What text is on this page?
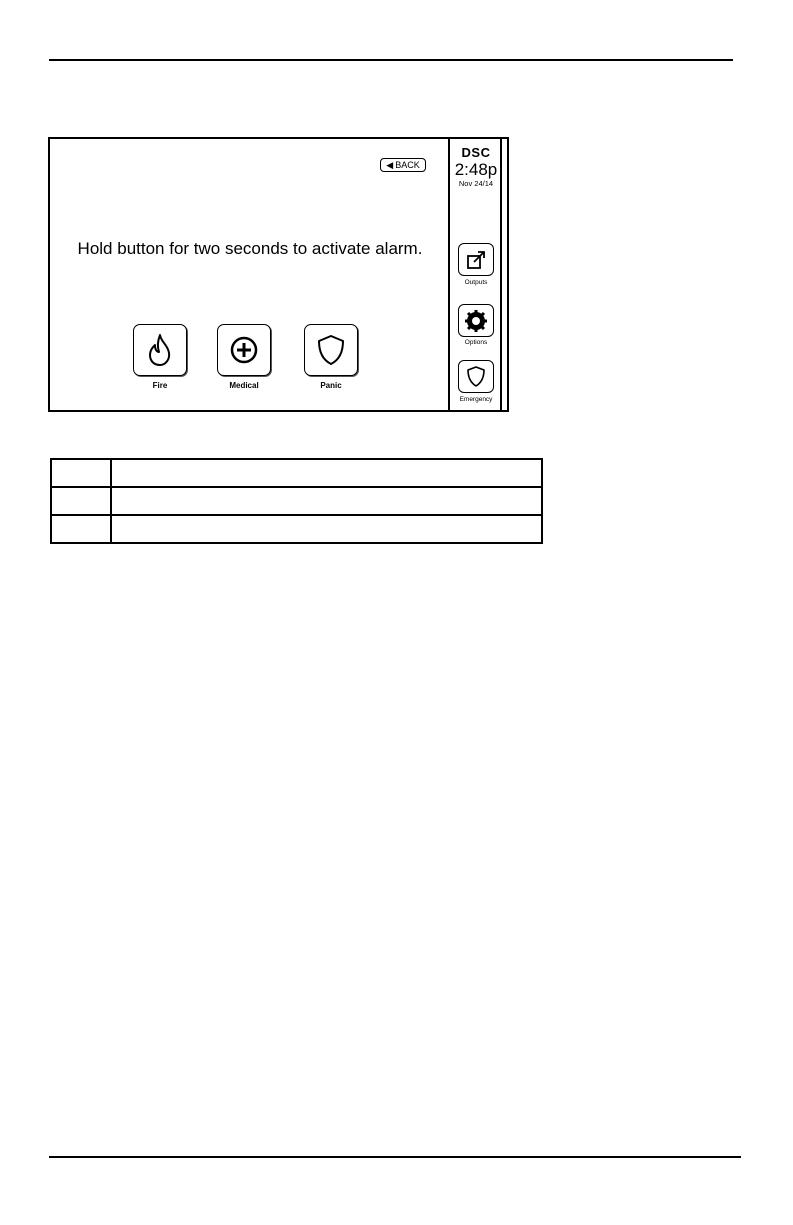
◀ BACK
Hold button for two seconds to activate alarm.
Fire	Medical	Panic
DSC
2:48p
Nov 24/14
Outputs
Options
Emergency
